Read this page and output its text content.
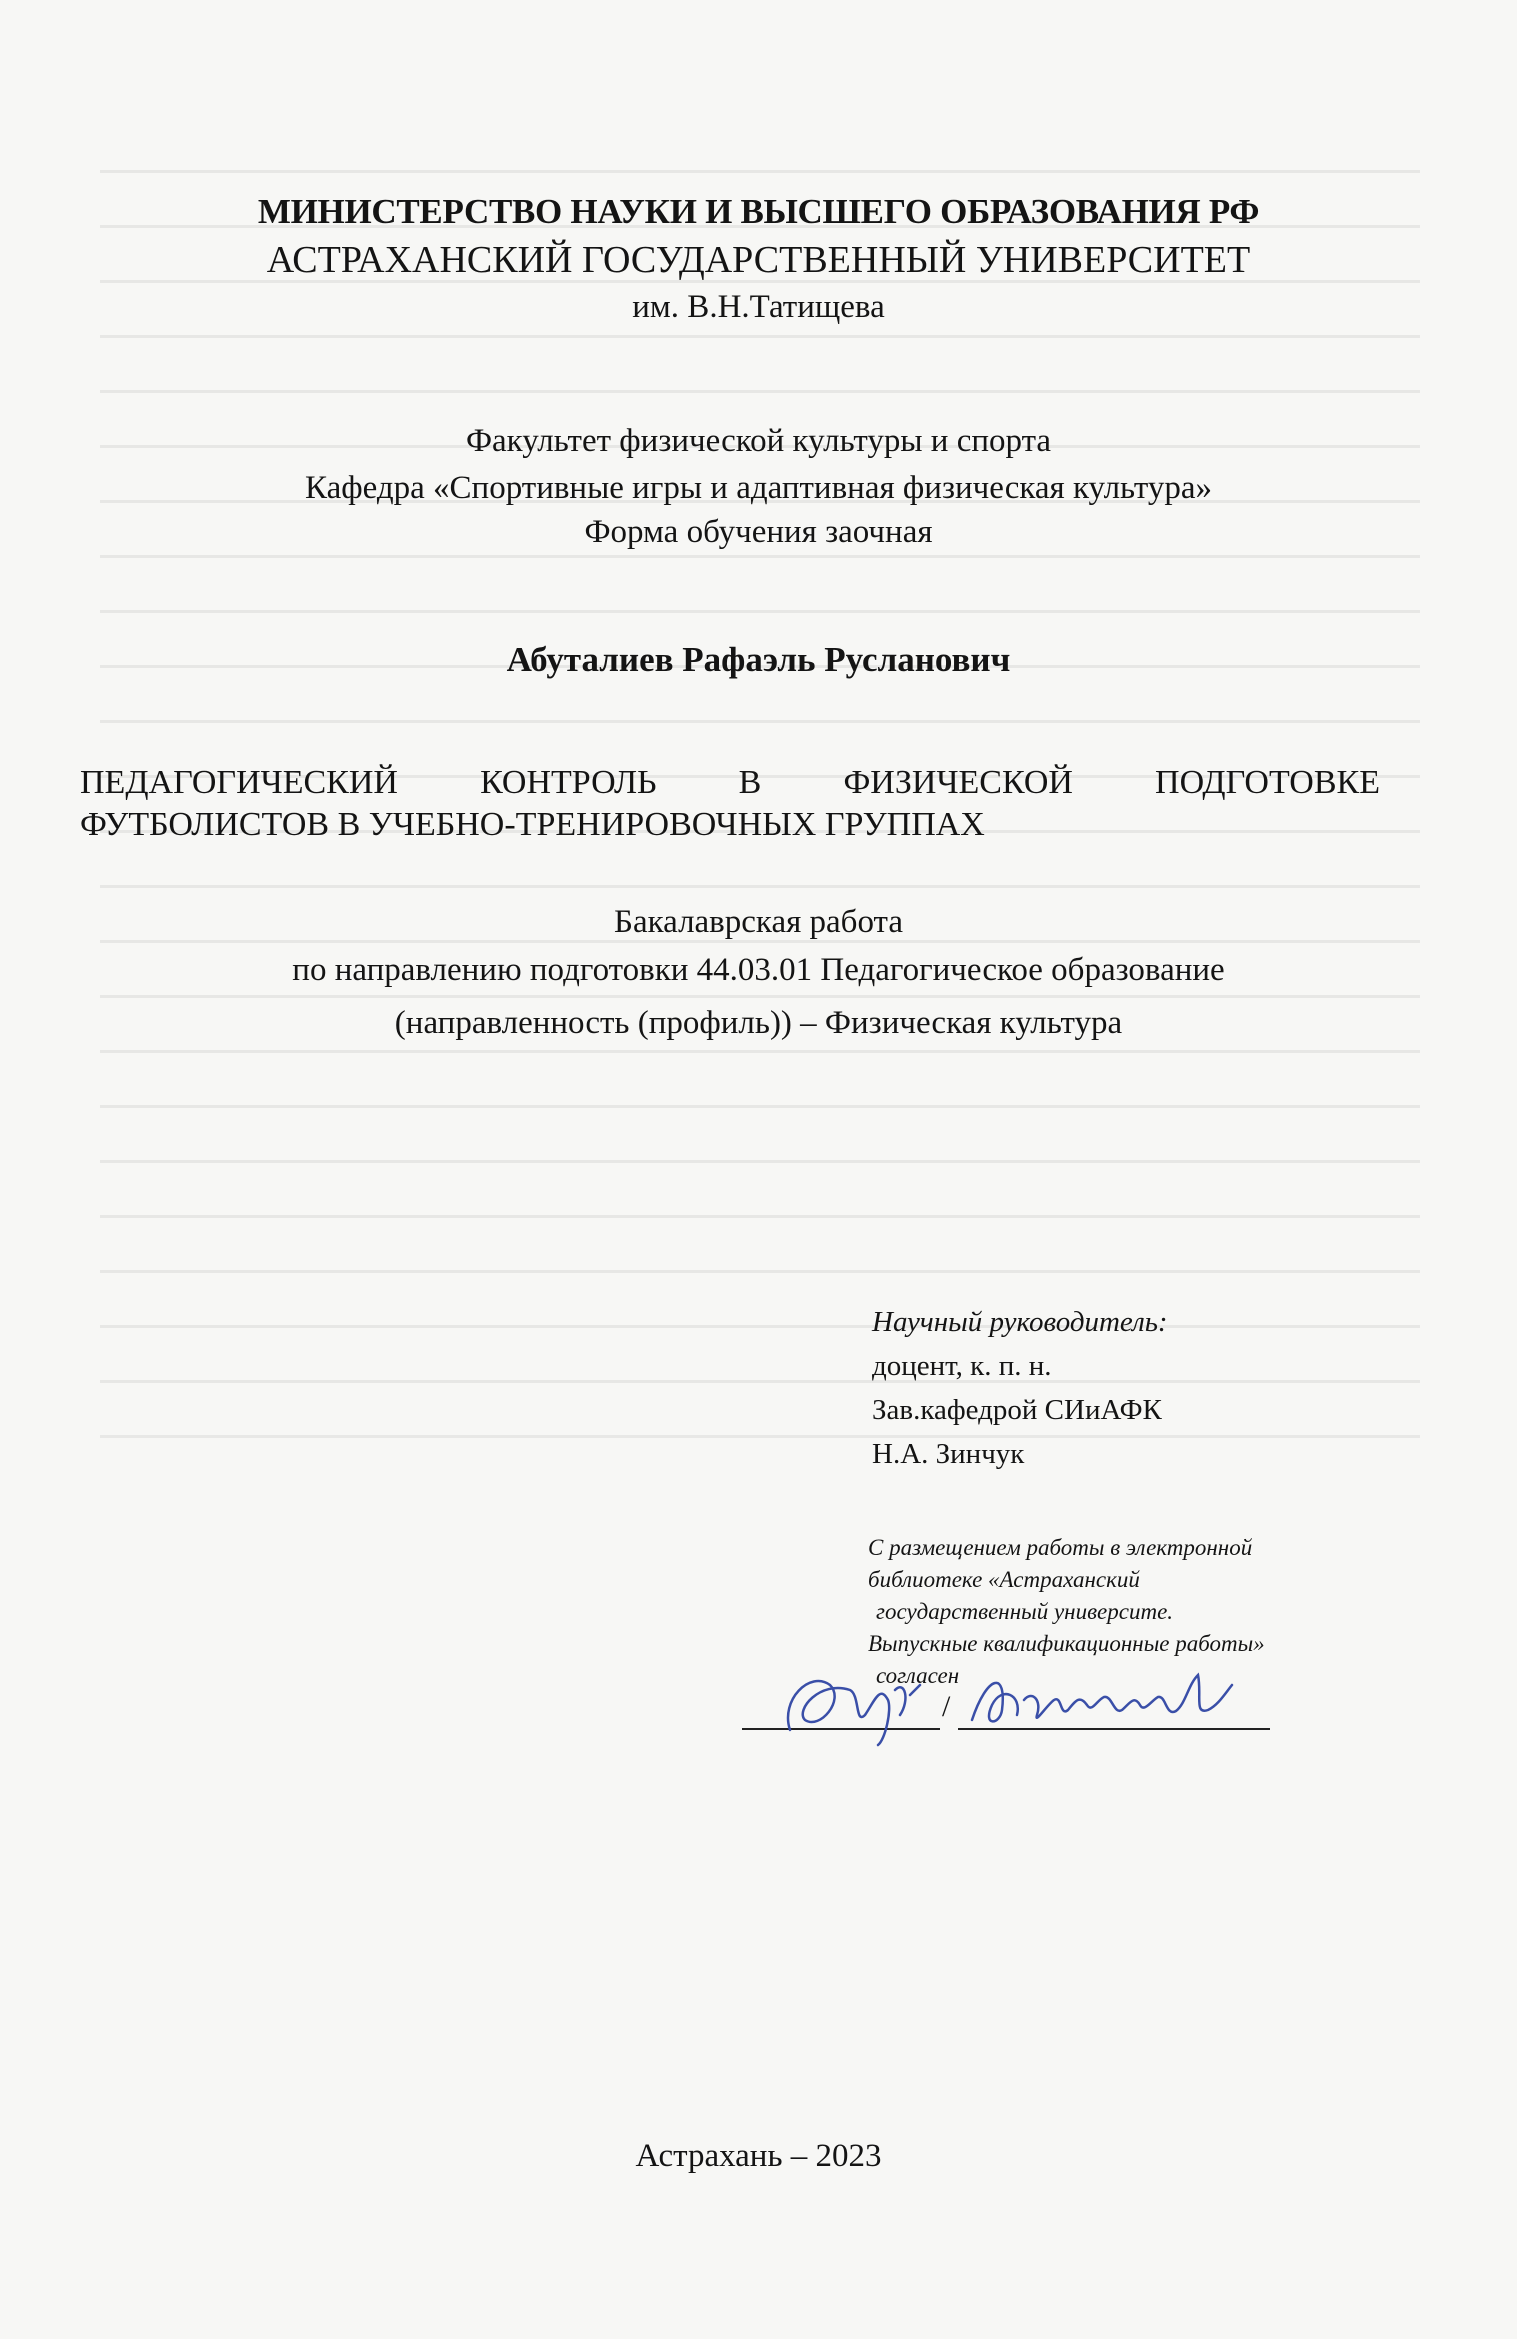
МИНИСТЕРСТВО НАУКИ И ВЫСШЕГО ОБРАЗОВАНИЯ РФ
АСТРАХАНСКИЙ ГОСУДАРСТВЕННЫЙ УНИВЕРСИТЕТ
им. В.Н.Татищева
Факультет физической культуры и спорта
Кафедра «Спортивные игры и адаптивная физическая культура»
Форма обучения заочная
Абуталиев Рафаэль Русланович
ПЕДАГОГИЧЕСКИЙ КОНТРОЛЬ В ФИЗИЧЕСКОЙ ПОДГОТОВКЕ
ФУТБОЛИСТОВ В УЧЕБНО-ТРЕНИРОВОЧНЫХ ГРУППАХ
Бакалаврская работа
по направлению подготовки 44.03.01 Педагогическое образование
(направленность (профиль)) – Физическая культура
Научный руководитель:
доцент, к. п. н.
Зав.кафедрой СИиАФК
Н.А. Зинчук
С размещением работы в электронной
библиотеке «Астраханский
государственный университе.
Выпускные квалификационные работы»
согласен
/
Астрахань – 2023
